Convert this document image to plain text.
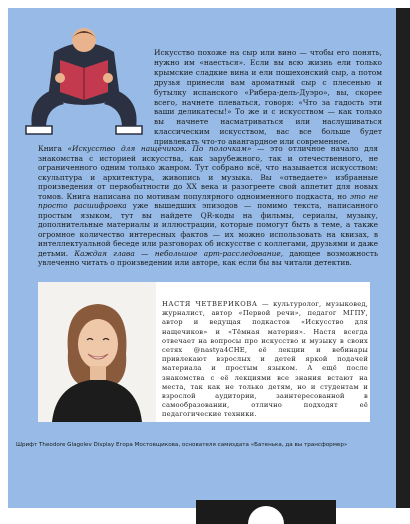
Искусство похоже на сыр или вино — чтобы его понять, нужно им «наесться». Если вы всю жизнь ели только крымские сладкие вина и ели пошехонский сыр, а потом друзья принесли вам ароматный сыр с плесенью и бутылку испанского «Рибера-дель-Дуэро», вы, скорее всего, начнете плеваться, говоря: «Что за гадость эти ваши деликатесы!» То же и с искусством — как только вы начнете насматриваться или наслушиваться классическим искусством, вас все больше будет привлекать что-то авангардное или современное.

Книга «Искусство для нащечиков. По полочкам» — это отличное начало для знакомства с историей искусства, как зарубежного, так и отечественного, не ограниченного одним только жанром. Тут собрано всё, что называется искусством: скульптура и архитектура, живопись и музыка. Вы «отведаете» избранные произведения от первобытности до XX века и разогреете свой аппетит для новых томов. Книга написана по мотивам популярного одноименного подкаста, но это не просто расшифровка уже вышедших эпизодов — помимо текста, написанного простым языком, тут вы найдете QR-коды на фильмы, сериалы, музыку, дополнительные материалы и иллюстрации, которые помогут быть в теме, а также огромное количество интересных фактов — их можно использовать на квизах, в интеллектуальной беседе или разговорах об искусстве с коллегами, друзьями и даже детьми. Каждая глава — небольшое арт-расследование, дающее возможность увлеченно читать о произведении или авторе, как если бы вы читали детектив.

НАСТЯ ЧЕТВЕРИКОВА — культуролог, музыковед, журналист, автор «Первой речи», педагог МГПУ, автор и ведущая подкастов «Искусство для нащечиков» и «Тёмная материя». Настя всегда отвечает на вопросы про искусство и музыку в своих сетях @nastya4CHE, её лекции и вебинары привлекают взрослых и детей яркой подачей материала и простым языком. А ещё после знакомства с её лекциями все знания встают на места, так как не только детям, но и студентам и взрослой аудитории, заинтересованной в самообразовании, отлично подходят её педагогические техники.

Шрифт Theodore Glagolev Display Егора Мостовщикова, основателя самиздата «Батенька, да вы трансформер»
